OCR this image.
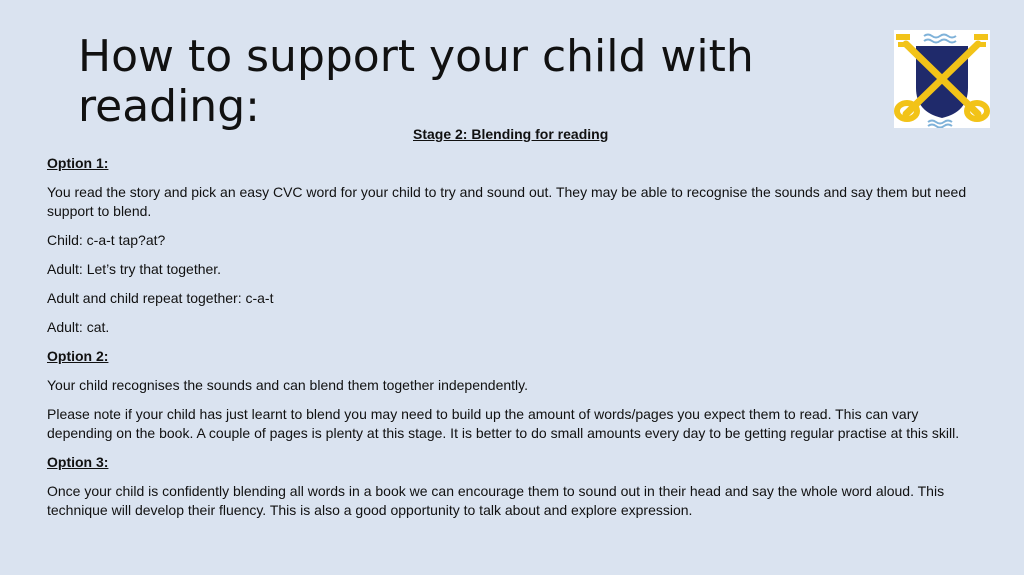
How to support your child with reading:
Stage 2: Blending for reading

Option 1:

You read the story and pick an easy CVC word for your child to try and sound out. They may be able to recognise the sounds and say them but need support to blend.

Child: c-a-t tap?at?

Adult: Let’s try that together.

Adult and child repeat together: c-a-t

Adult: cat.

Option 2:

Your child recognises the sounds and can blend them together independently.

Please note if your child has just learnt to blend you may need to build up the amount of words/pages you expect them to read. This can vary depending on the book. A couple of pages is plenty at this stage. It is better to do small amounts every day to be getting regular practise at this skill.

Option 3:

Once your child is confidently blending all words in a book we can encourage them to sound out in their head and say the whole word aloud. This technique will develop their fluency. This is also a good opportunity to talk about and explore expression.
